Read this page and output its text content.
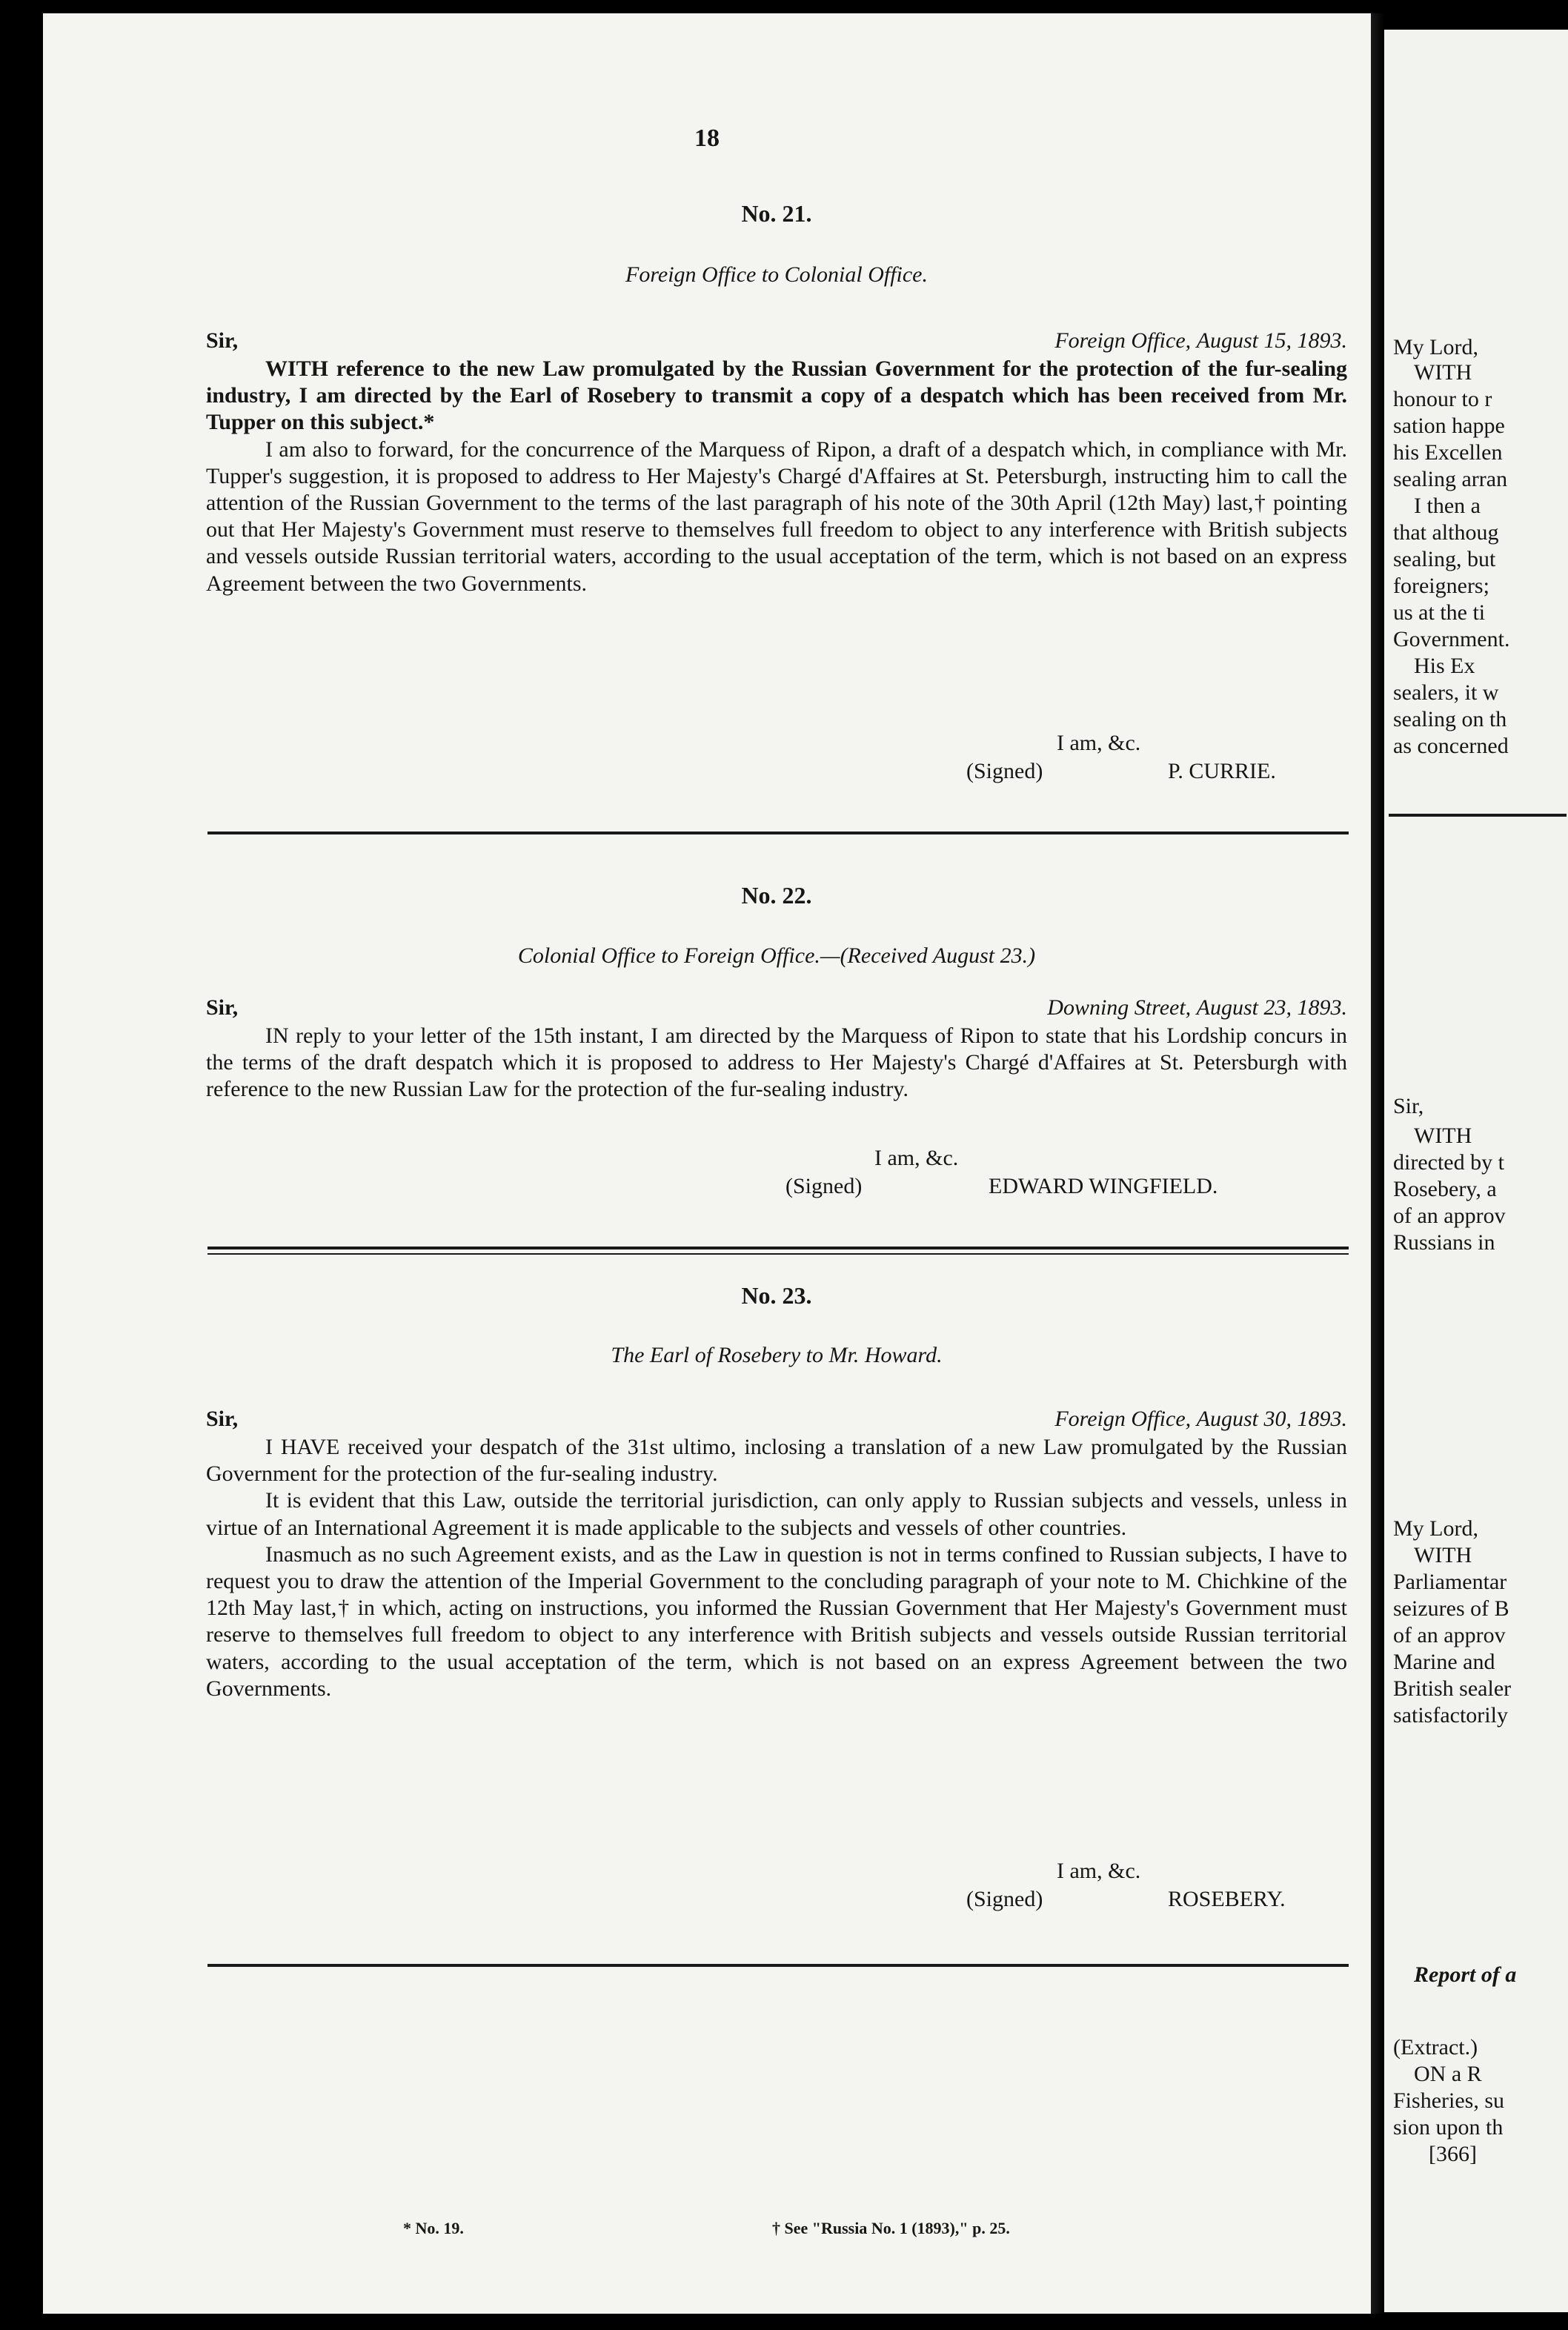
18
No. 21.
Foreign Office to Colonial Office.
Sir,	Foreign Office, August 15, 1893.

WITH reference to the new Law promulgated by the Russian Government for the protection of the fur-sealing industry, I am directed by the Earl of Rosebery to transmit a copy of a despatch which has been received from Mr. Tupper on this subject.*

I am also to forward, for the concurrence of the Marquess of Ripon, a draft of a despatch which, in compliance with Mr. Tupper's suggestion, it is proposed to address to Her Majesty's Chargé d'Affaires at St. Petersburgh, instructing him to call the attention of the Russian Government to the terms of the last paragraph of his note of the 30th April (12th May) last,† pointing out that Her Majesty's Government must reserve to themselves full freedom to object to any interference with British subjects and vessels outside Russian territorial waters, according to the usual acceptation of the term, which is not based on an express Agreement between the two Governments.

I am, &c.
(Signed)	P. CURRIE.
No. 22.
Colonial Office to Foreign Office.—(Received August 23.)
Sir,	Downing Street, August 23, 1893.

IN reply to your letter of the 15th instant, I am directed by the Marquess of Ripon to state that his Lordship concurs in the terms of the draft despatch which it is proposed to address to Her Majesty's Chargé d'Affaires at St. Petersburgh with reference to the new Russian Law for the protection of the fur-sealing industry.

I am, &c.
(Signed)	EDWARD WINGFIELD.
No. 23.
The Earl of Rosebery to Mr. Howard.
Sir,	Foreign Office, August 30, 1893.

I HAVE received your despatch of the 31st ultimo, inclosing a translation of a new Law promulgated by the Russian Government for the protection of the fur-sealing industry.

It is evident that this Law, outside the territorial jurisdiction, can only apply to Russian subjects and vessels, unless in virtue of an International Agreement it is made applicable to the subjects and vessels of other countries.

Inasmuch as no such Agreement exists, and as the Law in question is not in terms confined to Russian subjects, I have to request you to draw the attention of the Imperial Government to the concluding paragraph of your note to M. Chichkine of the 12th May last,† in which, acting on instructions, you informed the Russian Government that Her Majesty's Government must reserve to themselves full freedom to object to any interference with British subjects and vessels outside Russian territorial waters, according to the usual acceptation of the term, which is not based on an express Agreement between the two Governments.

I am, &c.
(Signed)	ROSEBERY.
* No. 19.	† See "Russia No. 1 (1893)," p. 25.
My Lord,
WITH
honour to r
sation happe
his Excellen
sealing arran
I then a
that althoug
sealing, but
foreigners;
us at the ti
Government.
His Ex
sealers, it w
sealing on th
as concerned
Sir,
WITH
directed by t
Rosebery, a
of an approv
Russians in
My Lord,
WITH
Parliamentar
seizures of B
of an approv
Marine and
British sealer
satisfactorily
Report of a
(Extract.)
ON a R
Fisheries, su
sion upon th
[366]
